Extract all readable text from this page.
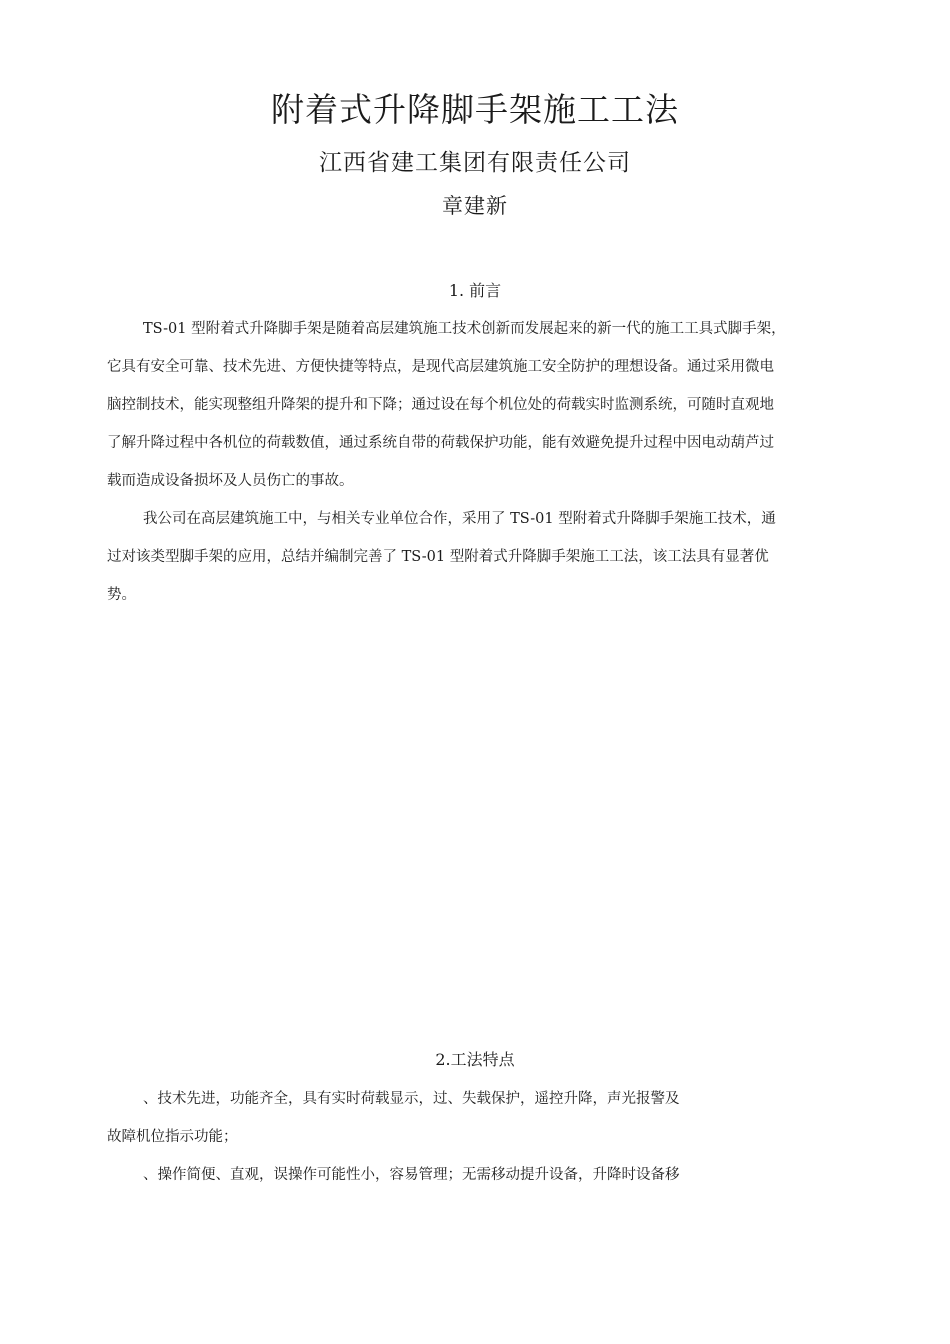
附着式升降脚手架施工工法
江西省建工集团有限责任公司
章建新
1. 前言
TS-01 型附着式升降脚手架是随着高层建筑施工技术创新而发展起来的新一代的施工工具式脚手架，
它具有安全可靠、技术先进、方便快捷等特点，是现代高层建筑施工安全防护的理想设备。通过采用微电
脑控制技术，能实现整组升降架的提升和下降；通过设在每个机位处的荷载实时监测系统，可随时直观地
了解升降过程中各机位的荷载数值，通过系统自带的荷载保护功能，能有效避免提升过程中因电动葫芦过
载而造成设备损坏及人员伤亡的事故。
我公司在高层建筑施工中，与相关专业单位合作，采用了 TS-01 型附着式升降脚手架施工技术，通
过对该类型脚手架的应用，总结并编制完善了 TS-01 型附着式升降脚手架施工工法，该工法具有显著优
势。
2.工法特点
、技术先进，功能齐全，具有实时荷载显示，过、失载保护，遥控升降，声光报警及
故障机位指示功能；
、操作简便、直观，误操作可能性小，容易管理；无需移动提升设备，升降时设备移
